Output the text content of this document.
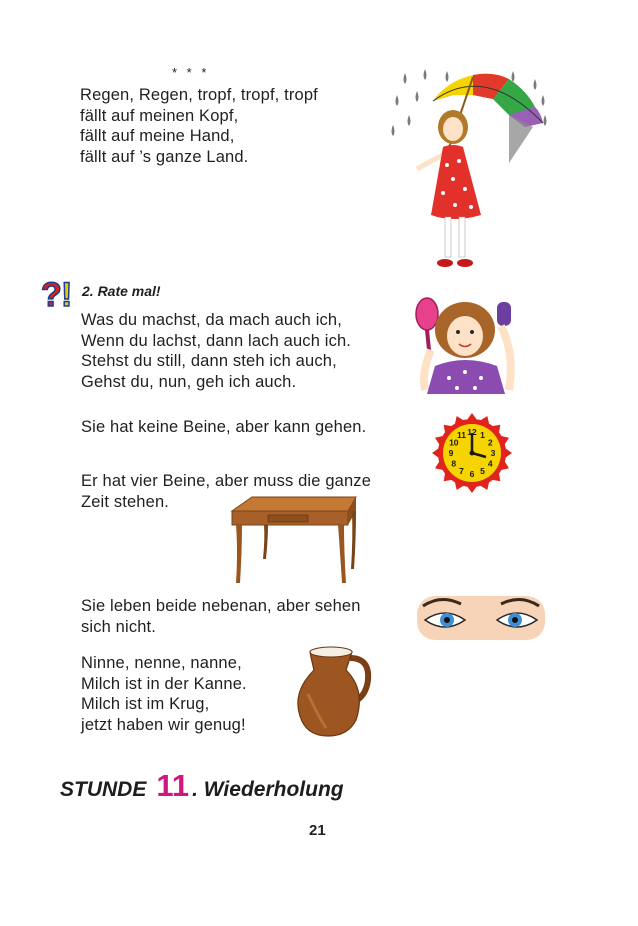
* * *
Regen, Regen, tropf, tropf, tropf
fällt auf meinen Kopf,
fällt auf meine Hand,
fällt auf ’s ganze Land.
? ! 2. Rate mal!
Was du machst, da mach auch ich,
Wenn du lachst, dann lach auch ich.
Stehst du still, dann steh ich auch,
Gehst du, nun, geh ich auch.
Sie hat keine Beine, aber kann gehen.	12 1
2
3
4
5
6
7
8
9
10
11
Er hat vier Beine, aber muss die ganze
Zeit stehen.
Sie leben beide nebenan, aber sehen
sich nicht.
Ninne, nenne, nanne,
Milch ist in der Kanne.
Milch ist im Krug,
jetzt haben wir genug!
STUNDE 11 . Wiederholung
21
